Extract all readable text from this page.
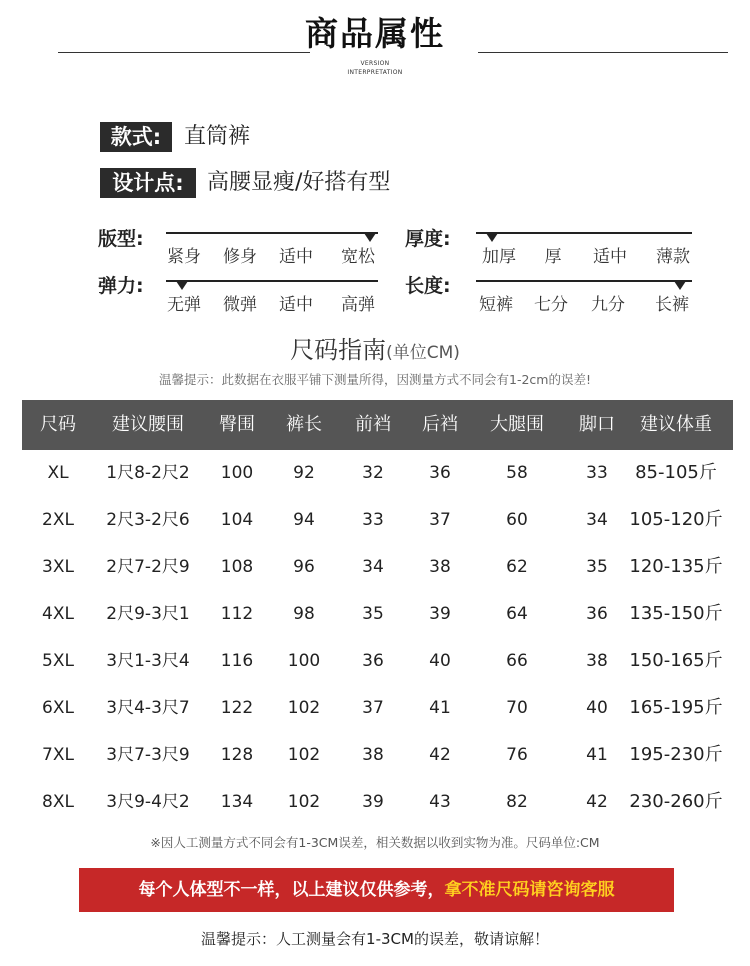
商品属性
VERSION
INTERPRETATION
款式:	直筒裤
设计点:	高腰显瘦/好搭有型
版型:
紧身	修身	适中	宽松
厚度:
加厚	厚	适中	薄款
弹力:
无弹	微弹	适中	高弹
长度:
短裤	七分	九分	长裤
尺码指南(单位CM)
温馨提示：此数据在衣服平铺下测量所得，因测量方式不同会有1-2cm的误差!
尺码	建议腰围	臀围	裤长	前裆	后裆	大腿围	脚口	建议体重
XL	1尺8-2尺2	100	92	32	36	58	33	85-105斤
2XL	2尺3-2尺6	104	94	33	37	60	34	105-120斤
3XL	2尺7-2尺9	108	96	34	38	62	35	120-135斤
4XL	2尺9-3尺1	112	98	35	39	64	36	135-150斤
5XL	3尺1-3尺4	116	100	36	40	66	38	150-165斤
6XL	3尺4-3尺7	122	102	37	41	70	40	165-195斤
7XL	3尺7-3尺9	128	102	38	42	76	41	195-230斤
8XL	3尺9-4尺2	134	102	39	43	82	42	230-260斤
※因人工测量方式不同会有1-3CM误差，相关数据以收到实物为准。尺码单位:CM
每个人体型不一样，以上建议仅供参考，拿不准尺码请咨询客服
温馨提示：人工测量会有1-3CM的误差，敬请谅解！
